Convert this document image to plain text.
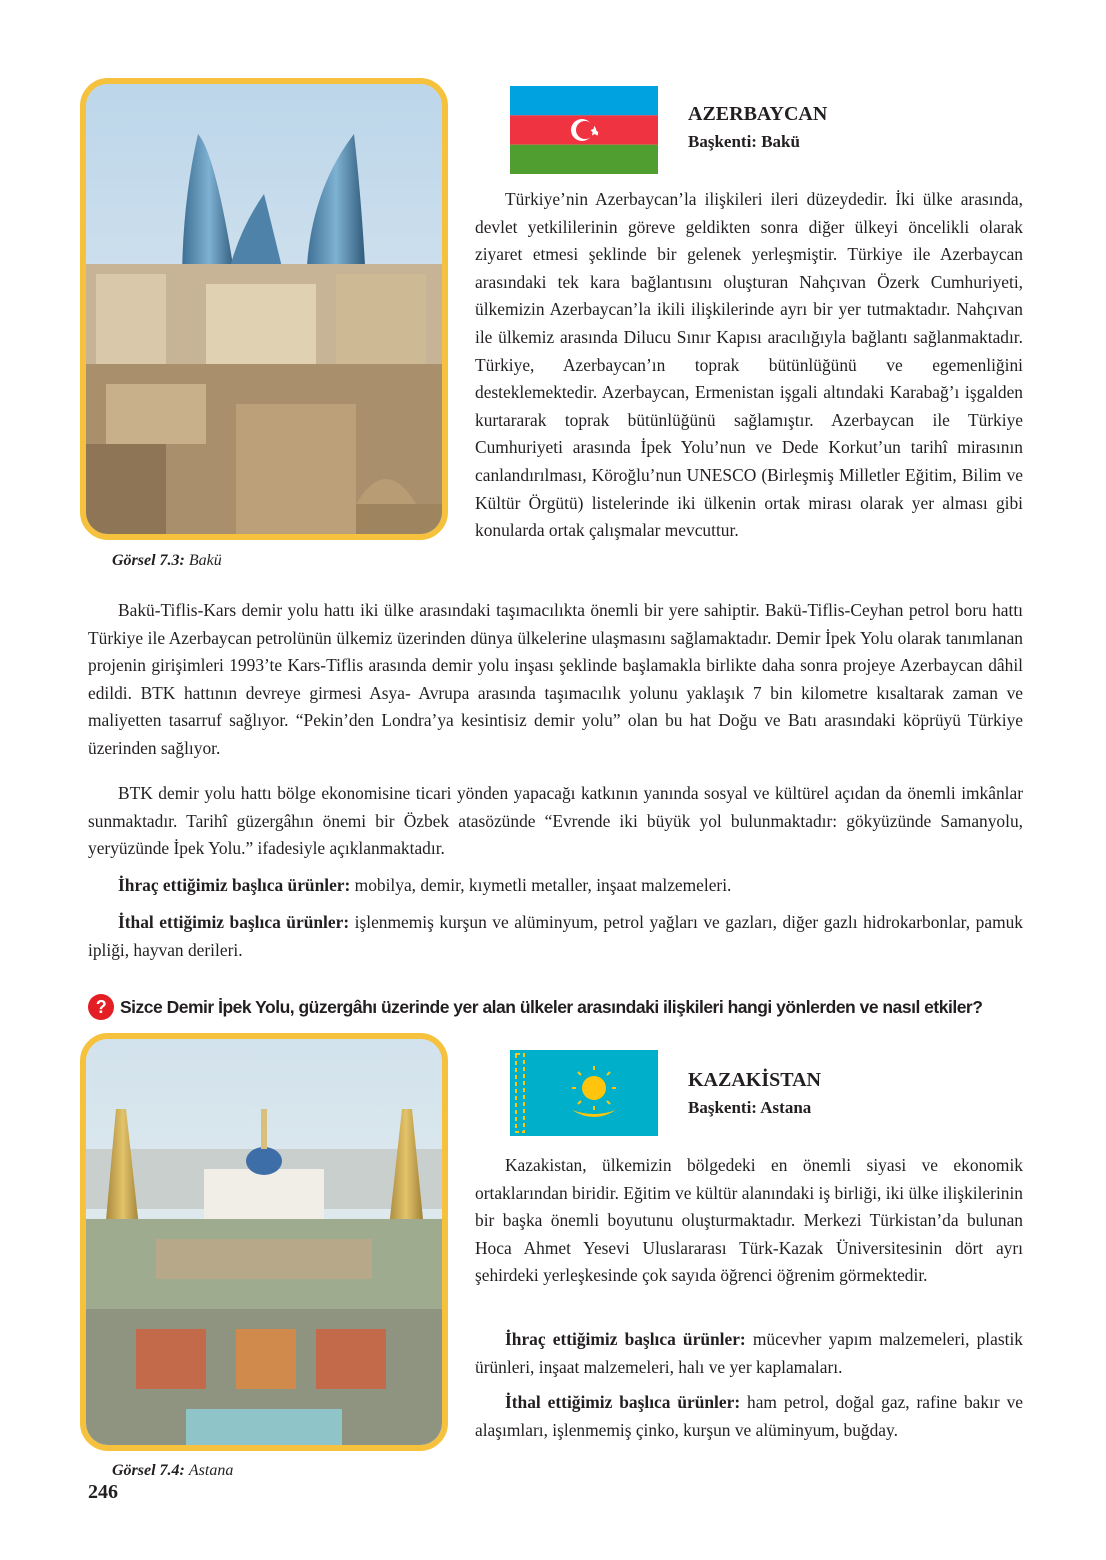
Görsel 7.3: Bakü
AZERBAYCAN
Başkenti: Bakü

Türkiye’nin Azerbaycan’la ilişkileri ileri düzeydedir. İki ülke arasında, devlet yetkililerinin göreve geldikten sonra diğer ülkeyi öncelikli olarak ziyaret etmesi şeklinde bir gelenek yerleşmiştir. Türkiye ile Azerbaycan arasındaki tek kara bağlantısını oluşturan Nahçıvan Özerk Cumhuriyeti, ülkemizin Azerbaycan’la ikili ilişkilerinde ayrı bir yer tutmaktadır. Nahçıvan ile ülkemiz arasında Dilucu Sınır Kapısı aracılığıyla bağlantı sağlanmaktadır. Türkiye, Azerbaycan’ın toprak bütünlüğünü ve egemenliğini desteklemektedir. Azerbaycan, Ermenistan işgali altındaki Karabağ’ı işgalden kurtararak toprak bütünlüğünü sağlamıştır. Azerbaycan ile Türkiye Cumhuriyeti arasında İpek Yolu’nun ve Dede Korkut’un tarihî mirasının canlandırılması, Köroğlu’nun UNESCO (Birleşmiş Milletler Eğitim, Bilim ve Kültür Örgütü) listelerinde iki ülkenin ortak mirası olarak yer alması gibi konularda ortak çalışmalar mevcuttur.

Bakü-Tiflis-Kars demir yolu hattı iki ülke arasındaki taşımacılıkta önemli bir yere sahiptir. Bakü-Tiflis-Ceyhan petrol boru hattı Türkiye ile Azerbaycan petrolünün ülkemiz üzerinden dünya ülkelerine ulaşmasını sağlamaktadır. Demir İpek Yolu olarak tanımlanan projenin girişimleri 1993’te Kars-Tiflis arasında demir yolu inşası şeklinde başlamakla birlikte daha sonra projeye Azerbaycan dâhil edildi. BTK hattının devreye girmesi Asya- Avrupa arasında taşımacılık yolunu yaklaşık 7 bin kilometre kısaltarak zaman ve maliyetten tasarruf sağlıyor. “Pekin’den Londra’ya kesintisiz demir yolu” olan bu hat Doğu ve Batı arasındaki köprüyü Türkiye üzerinden sağlıyor.

BTK demir yolu hattı bölge ekonomisine ticari yönden yapacağı katkının yanında sosyal ve kültürel açıdan da önemli imkânlar sunmaktadır. Tarihî güzergâhın önemi bir Özbek atasözünde “Evrende iki büyük yol bulunmaktadır: gökyüzünde Samanyolu, yeryüzünde İpek Yolu.” ifadesiyle açıklanmaktadır.

İhraç ettiğimiz başlıca ürünler: mobilya, demir, kıymetli metaller, inşaat malzemeleri.

İthal ettiğimiz başlıca ürünler: işlenmemiş kurşun ve alüminyum, petrol yağları ve gazları, diğer gazlı hidrokarbonlar, pamuk ipliği, hayvan derileri.

? Sizce Demir İpek Yolu, güzergâhı üzerinde yer alan ülkeler arasındaki ilişkileri hangi yönlerden ve nasıl etkiler?
Görsel 7.4: Astana
KAZAKİSTAN
Başkenti: Astana

Kazakistan, ülkemizin bölgedeki en önemli siyasi ve ekonomik ortaklarından biridir. Eğitim ve kültür alanındaki iş birliği, iki ülke ilişkilerinin bir başka önemli boyutunu oluşturmaktadır. Merkezi Türkistan’da bulunan Hoca Ahmet Yesevi Uluslararası Türk-Kazak Üniversitesinin dört ayrı şehirdeki yerleşkesinde çok sayıda öğrenci öğrenim görmektedir.

İhraç ettiğimiz başlıca ürünler: mücevher yapım malzemeleri, plastik ürünleri, inşaat malzemeleri, halı ve yer kaplamaları.

İthal ettiğimiz başlıca ürünler: ham petrol, doğal gaz, rafine bakır ve alaşımları, işlenmemiş çinko, kurşun ve alüminyum, buğday.

246
